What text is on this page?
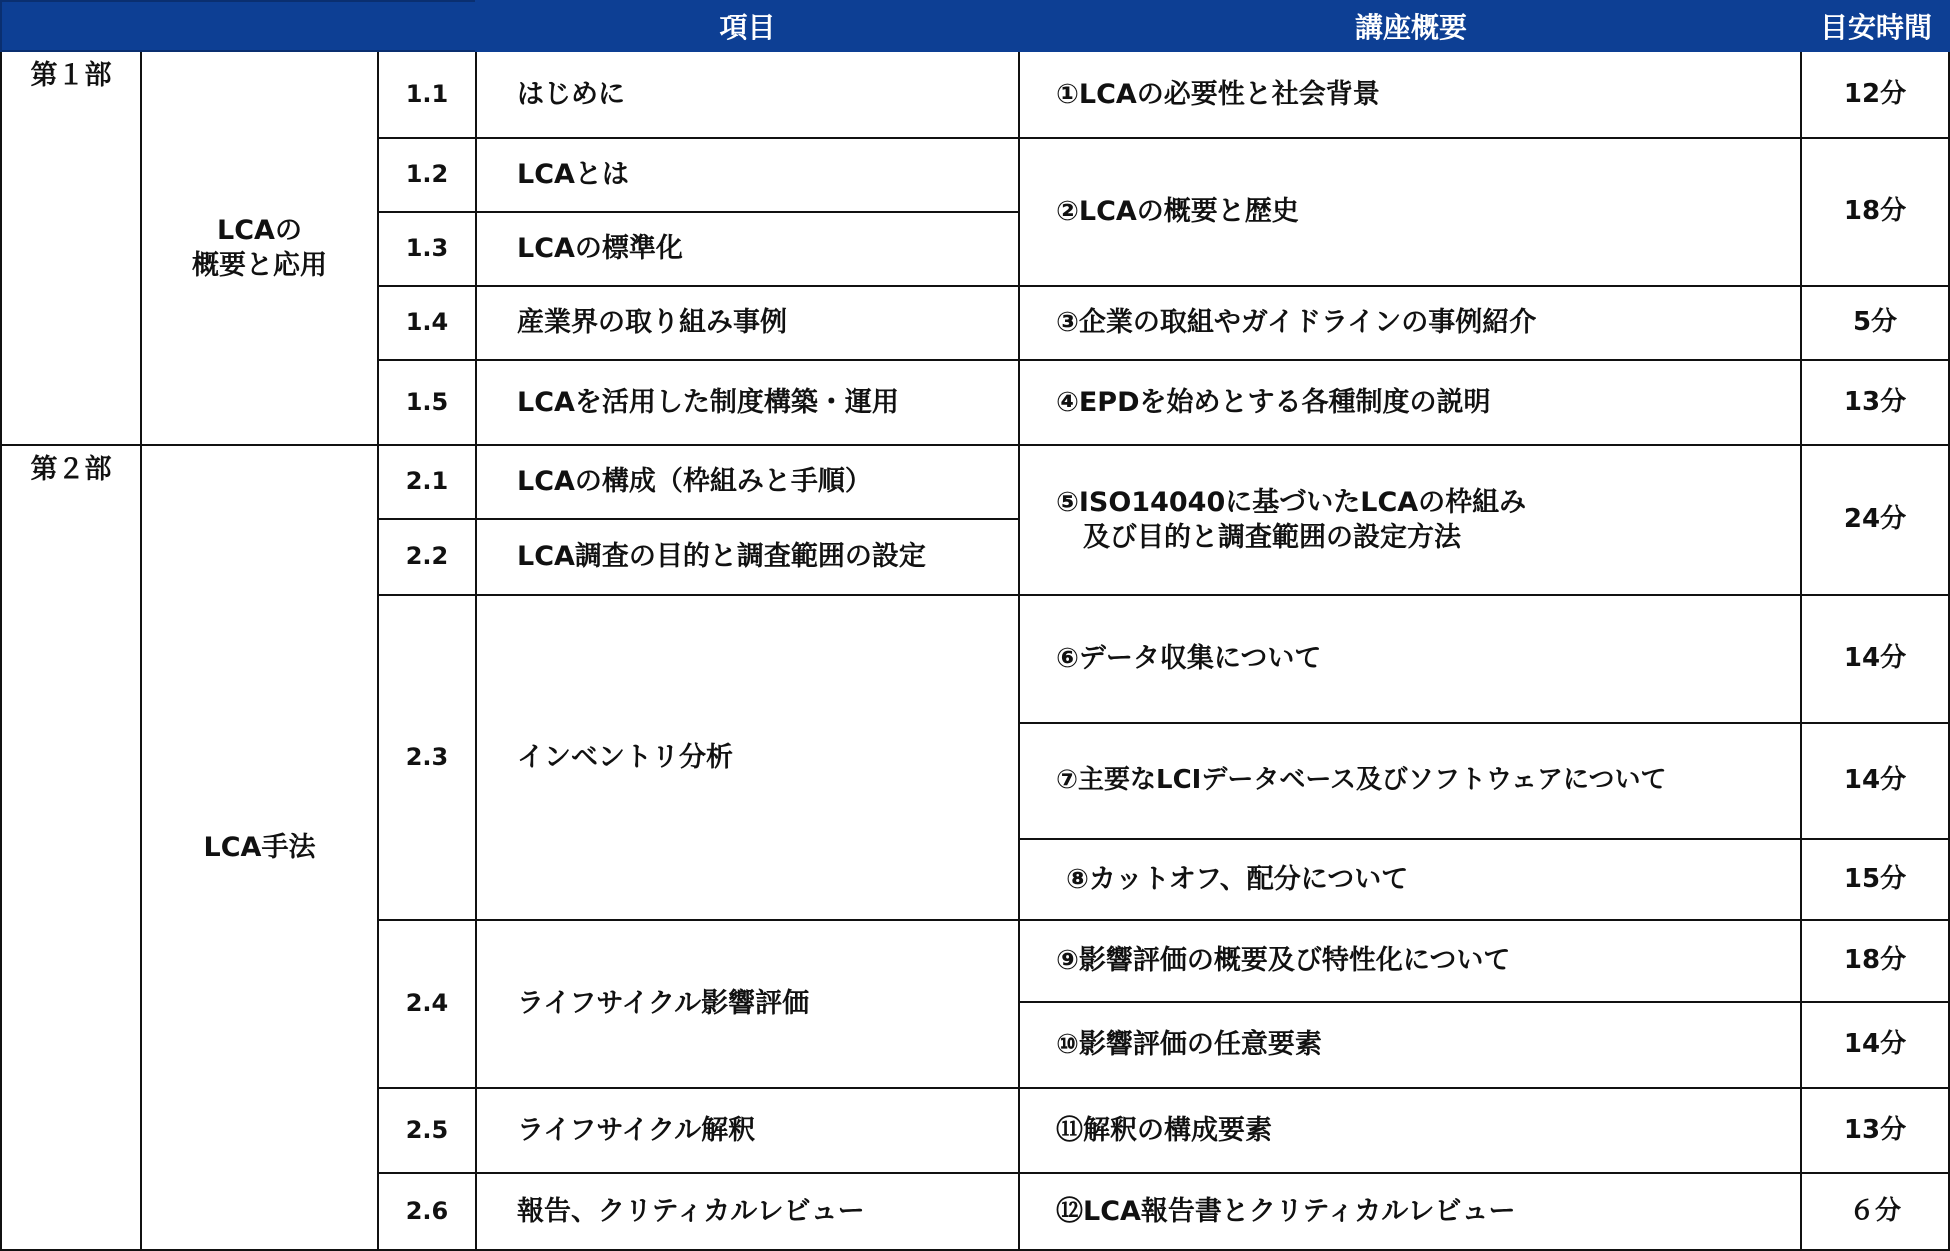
項目	講座概要	目安時間
第１部
LCAの
概要と応用
第２部
LCA手法
1.1
1.2
1.3
1.4
1.5
2.1
2.2
2.3
2.4
2.5
2.6
はじめに
LCAとは
LCAの標準化
産業界の取り組み事例
LCAを活用した制度構築・運用
LCAの構成（枠組みと手順）
LCA調査の目的と調査範囲の設定
インベントリ分析
ライフサイクル影響評価
ライフサイクル解釈
報告、クリティカルレビュー
①LCAの必要性と社会背景
②LCAの概要と歴史
③企業の取組やガイドラインの事例紹介
④EPDを始めとする各種制度の説明
⑤ISO14040に基づいたLCAの枠組み
　及び目的と調査範囲の設定方法
⑥データ収集について
⑦主要なLCIデータベース及びソフトウェアについて
⑧カットオフ、配分について
⑨影響評価の概要及び特性化について
⑩影響評価の任意要素
⑪解釈の構成要素
⑫LCA報告書とクリティカルレビュー
12分
18分
5分
13分
24分
14分
14分
15分
18分
14分
13分
６分
